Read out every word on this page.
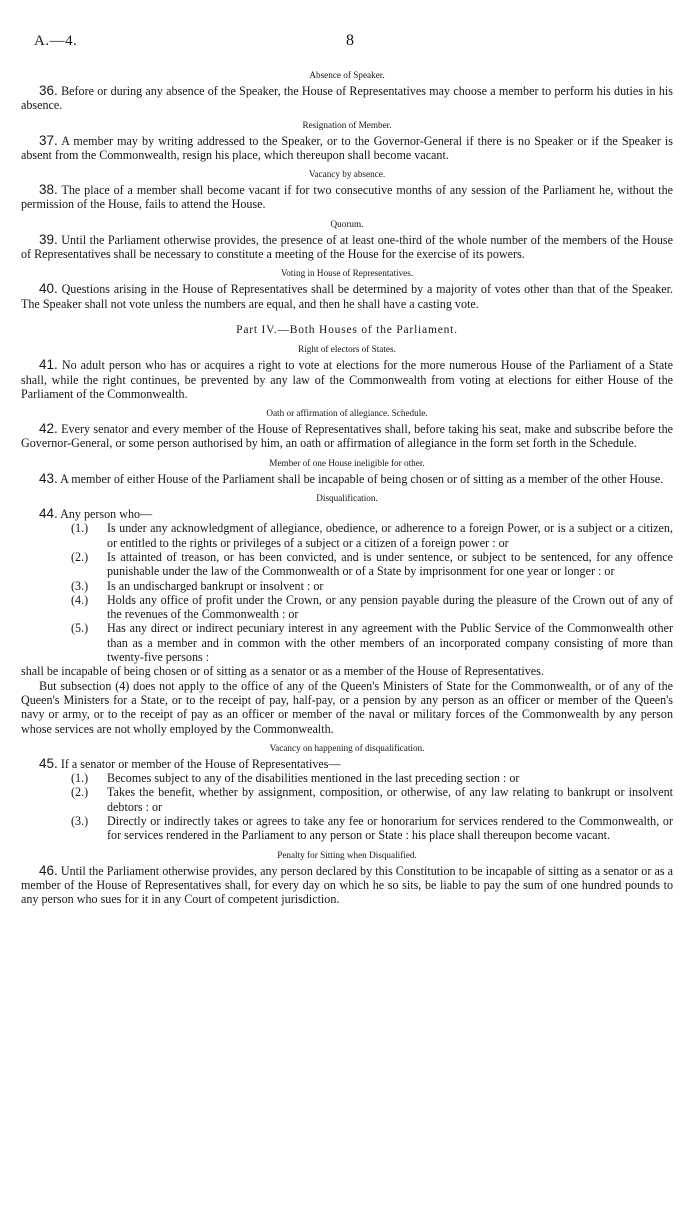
A.—4.	8
Absence of Speaker.

36. Before or during any absence of the Speaker, the House of Representatives may choose a member to perform his duties in his absence.

Resignation of Member.

37. A member may by writing addressed to the Speaker, or to the Governor-General if there is no Speaker or if the Speaker is absent from the Commonwealth, resign his place, which thereupon shall become vacant.

Vacancy by absence.

38. The place of a member shall become vacant if for two consecutive months of any session of the Parliament he, without the permission of the House, fails to attend the House.

Quorum.

39. Until the Parliament otherwise provides, the presence of at least one-third of the whole number of the members of the House of Representatives shall be necessary to constitute a meeting of the House for the exercise of its powers.

Voting in House of Representatives.

40. Questions arising in the House of Representatives shall be determined by a majority of votes other than that of the Speaker. The Speaker shall not vote unless the numbers are equal, and then he shall have a casting vote.

Part IV.—Both Houses of the Parliament.
Right of electors of States.

41. No adult person who has or acquires a right to vote at elections for the more numerous House of the Parliament of a State shall, while the right continues, be prevented by any law of the Commonwealth from voting at elections for either House of the Parliament of the Commonwealth.

Oath or affirmation of allegiance. Schedule.

42. Every senator and every member of the House of Representatives shall, before taking his seat, make and subscribe before the Governor-General, or some person authorised by him, an oath or affirmation of allegiance in the form set forth in the Schedule.

Member of one House ineligible for other.

43. A member of either House of the Parliament shall be incapable of being chosen or of sitting as a member of the other House.

Disqualification.

44. Any person who—

(1.) Is under any acknowledgment of allegiance, obedience, or adherence to a foreign Power, or is a subject or a citizen, or entitled to the rights or privileges of a subject or a citizen of a foreign power : or
(2.) Is attainted of treason, or has been convicted, and is under sentence, or subject to be sentenced, for any offence punishable under the law of the Commonwealth or of a State by imprisonment for one year or longer : or
(3.) Is an undischarged bankrupt or insolvent : or
(4.) Holds any office of profit under the Crown, or any pension payable during the pleasure of the Crown out of any of the revenues of the Commonwealth : or
(5.) Has any direct or indirect pecuniary interest in any agreement with the Public Service of the Commonwealth other than as a member and in common with the other members of an incorporated company consisting of more than twenty-five persons :

shall be incapable of being chosen or of sitting as a senator or as a member of the House of Representatives.

But subsection (4) does not apply to the office of any of the Queen's Ministers of State for the Commonwealth, or of any of the Queen's Ministers for a State, or to the receipt of pay, half-pay, or a pension by any person as an officer or member of the Queen's navy or army, or to the receipt of pay as an officer or member of the naval or military forces of the Commonwealth by any person whose services are not wholly employed by the Commonwealth.

Vacancy on happening of disqualification.

45. If a senator or member of the House of Representatives—

(1.) Becomes subject to any of the disabilities mentioned in the last preceding section : or
(2.) Takes the benefit, whether by assignment, composition, or otherwise, of any law relating to bankrupt or insolvent debtors : or
(3.) Directly or indirectly takes or agrees to take any fee or honorarium for services rendered to the Commonwealth, or for services rendered in the Parliament to any person or State : his place shall thereupon become vacant.
Penalty for Sitting when Disqualified.

46. Until the Parliament otherwise provides, any person declared by this Constitution to be incapable of sitting as a senator or as a member of the House of Representatives shall, for every day on which he so sits, be liable to pay the sum of one hundred pounds to any person who sues for it in any Court of competent jurisdiction.
